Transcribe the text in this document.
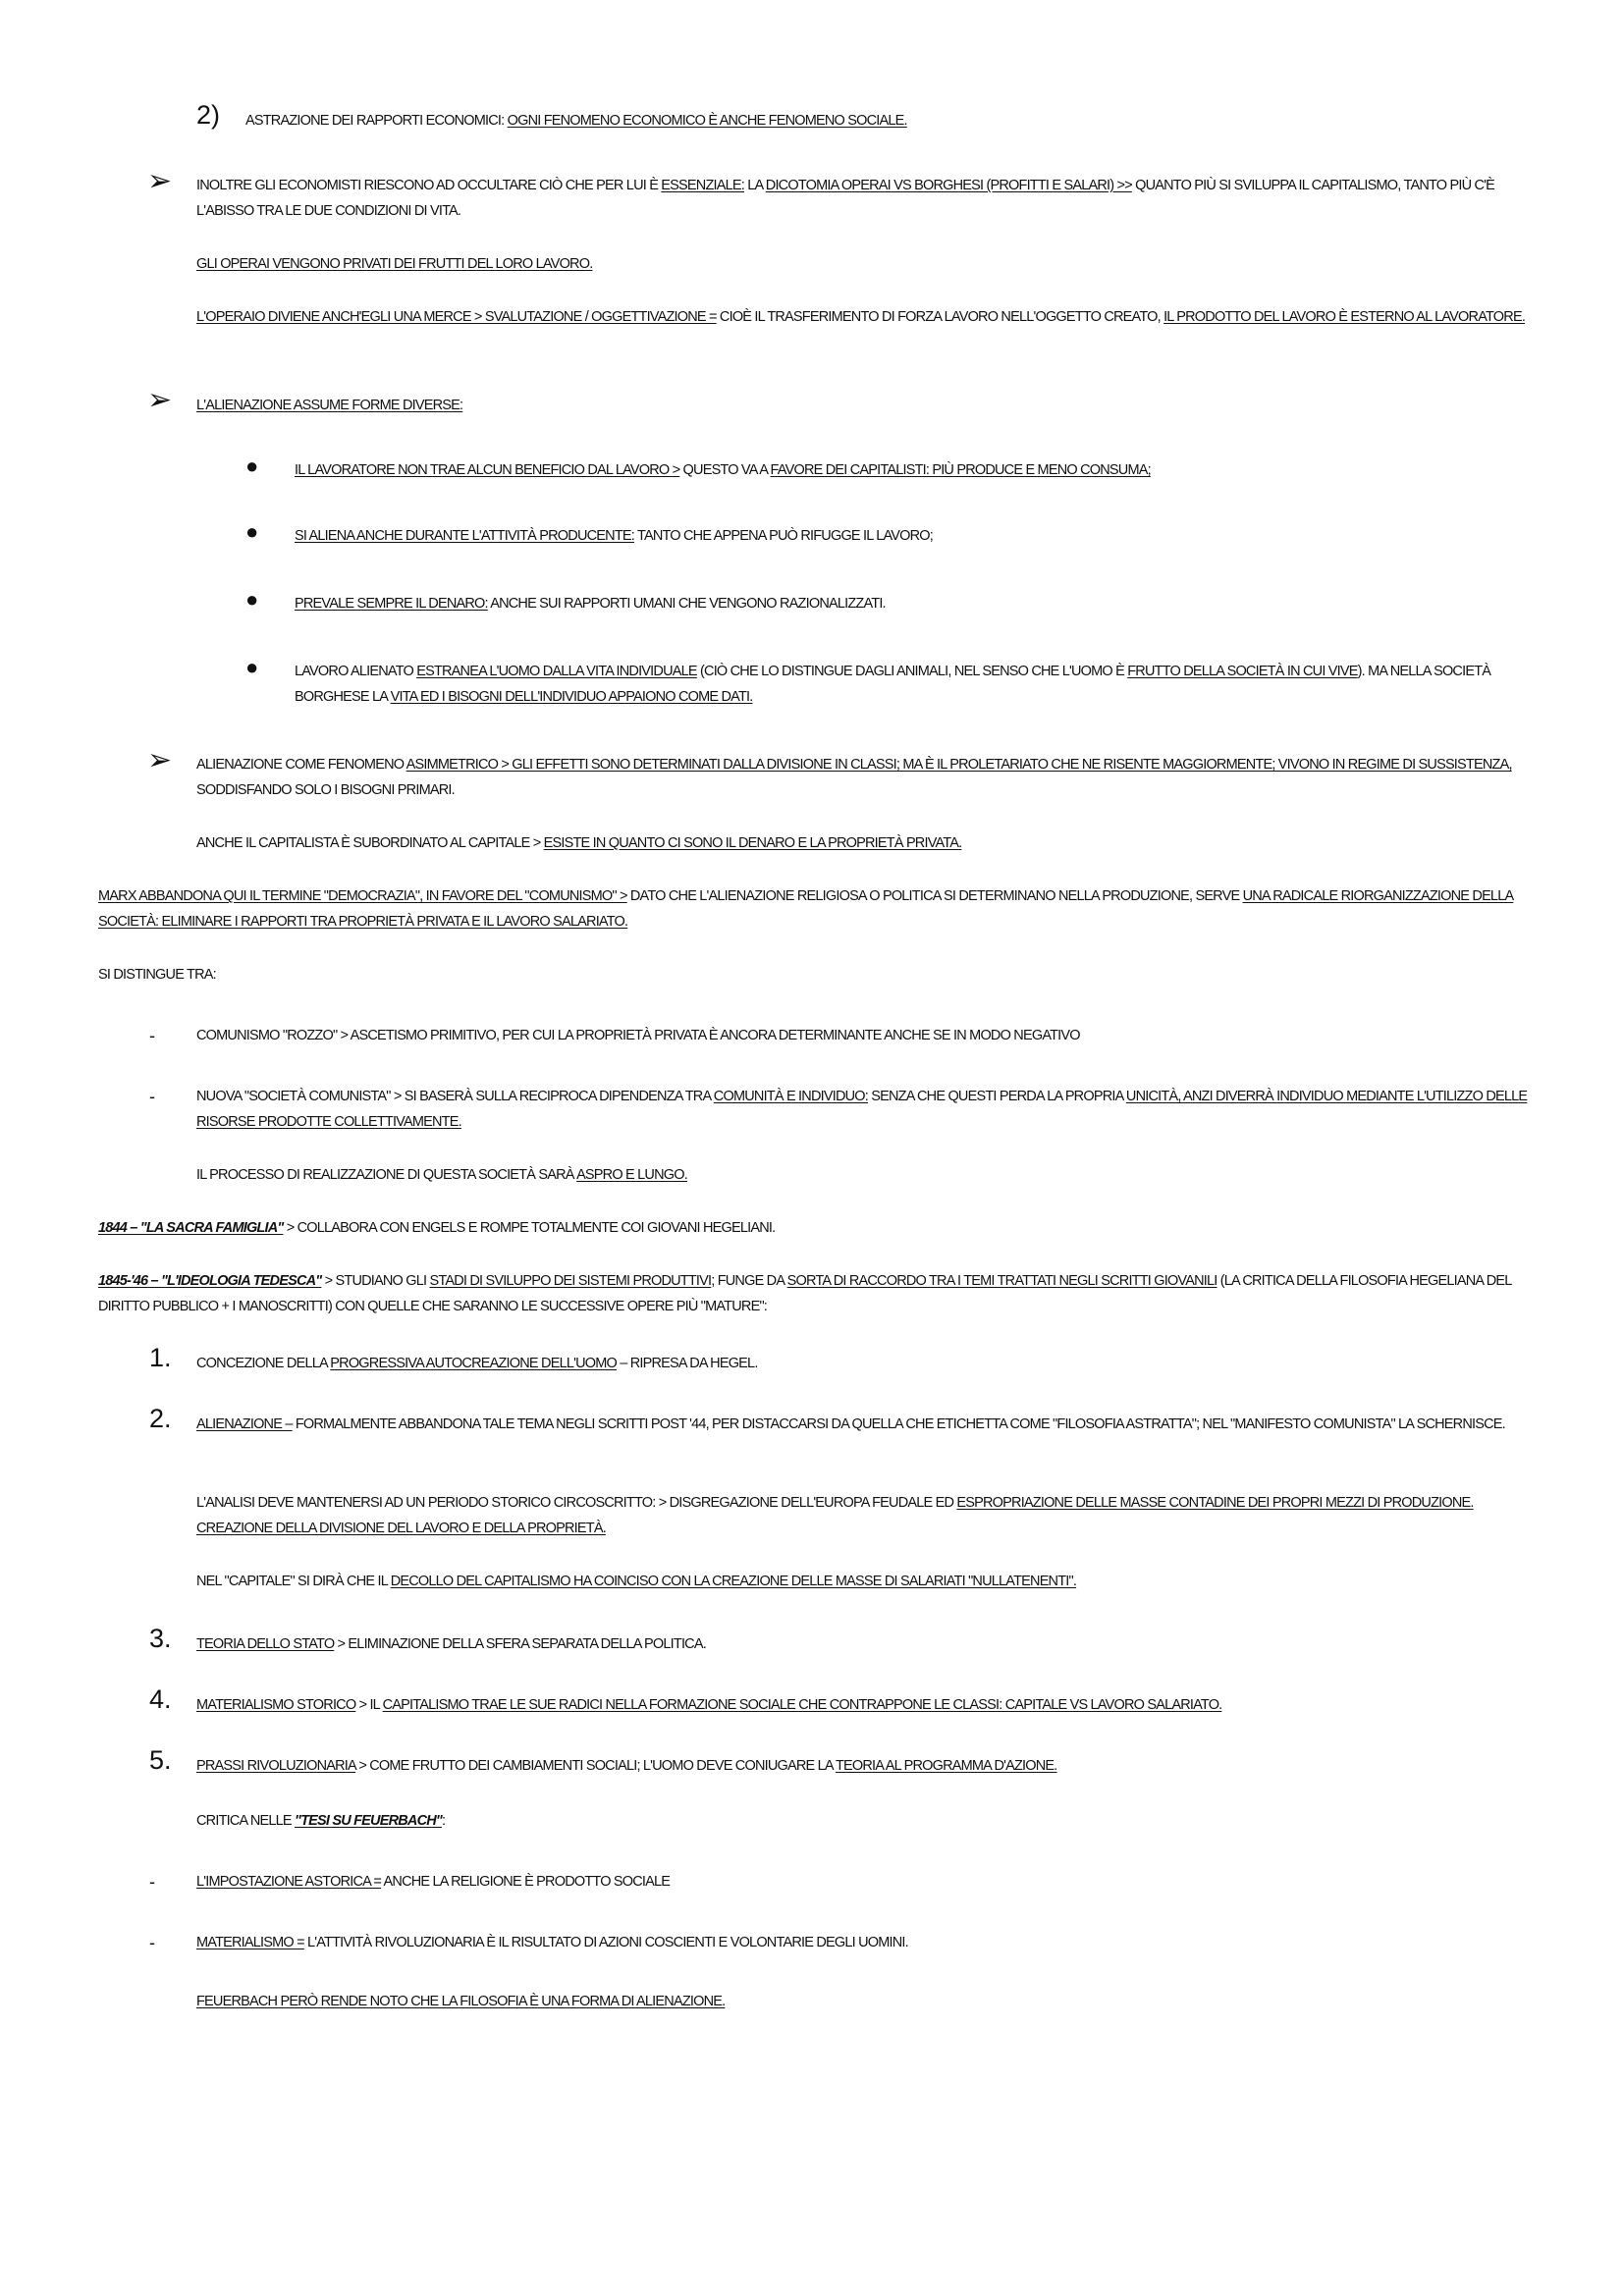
2) ASTRAZIONE DEI RAPPORTI ECONOMICI: OGNI FENOMENO ECONOMICO È ANCHE FENOMENO SOCIALE.

➢ INOLTRE GLI ECONOMISTI RIESCONO AD OCCULTARE CIÒ CHE PER LUI È ESSENZIALE: LA DICOTOMIA OPERAI VS BORGHESI (PROFITTI E SALARI) >> QUANTO PIÙ SI SVILUPPA IL CAPITALISMO, TANTO PIÙ C'È L'ABISSO TRA LE DUE CONDIZIONI DI VITA.

GLI OPERAI VENGONO PRIVATI DEI FRUTTI DEL LORO LAVORO.

L'OPERAIO DIVIENE ANCH'EGLI UNA MERCE > SVALUTAZIONE / OGGETTIVAZIONE = CIOÈ IL TRASFERIMENTO DI FORZA LAVORO NELL'OGGETTO CREATO, IL PRODOTTO DEL LAVORO È ESTERNO AL LAVORATORE.

➢ L'ALIENAZIONE ASSUME FORME DIVERSE:

●	IL LAVORATORE NON TRAE ALCUN BENEFICIO DAL LAVORO > QUESTO VA A FAVORE DEI CAPITALISTI: PIÙ PRODUCE E MENO CONSUMA;

●	SI ALIENA ANCHE DURANTE L'ATTIVITÀ PRODUCENTE: TANTO CHE APPENA PUÒ RIFUGGE IL LAVORO;

●	PREVALE SEMPRE IL DENARO: ANCHE SUI RAPPORTI UMANI CHE VENGONO RAZIONALIZZATI.

●	LAVORO ALIENATO ESTRANEA L'UOMO DALLA VITA INDIVIDUALE (CIÒ CHE LO DISTINGUE DAGLI ANIMALI, NEL SENSO CHE L'UOMO È FRUTTO DELLA SOCIETÀ IN CUI VIVE). MA NELLA SOCIETÀ BORGHESE LA VITA ED I BISOGNI DELL'INDIVIDUO APPAIONO COME DATI.

➢ ALIENAZIONE COME FENOMENO ASIMMETRICO > GLI EFFETTI SONO DETERMINATI DALLA DIVISIONE IN CLASSI; MA È IL PROLETARIATO CHE NE RISENTE MAGGIORMENTE; VIVONO IN REGIME DI SUSSISTENZA, SODDISFANDO SOLO I BISOGNI PRIMARI.

ANCHE IL CAPITALISTA È SUBORDINATO AL CAPITALE > ESISTE IN QUANTO CI SONO IL DENARO E LA PROPRIETÀ PRIVATA.

MARX ABBANDONA QUI IL TERMINE "DEMOCRAZIA", IN FAVORE DEL "COMUNISMO" > DATO CHE L'ALIENAZIONE RELIGIOSA O POLITICA SI DETERMINANO NELLA PRODUZIONE, SERVE UNA RADICALE RIORGANIZZAZIONE DELLA SOCIETÀ: ELIMINARE I RAPPORTI TRA PROPRIETÀ PRIVATA E IL LAVORO SALARIATO.

SI DISTINGUE TRA:

-	COMUNISMO "ROZZO" > ASCETISMO PRIMITIVO, PER CUI LA PROPRIETÀ PRIVATA È ANCORA DETERMINANTE ANCHE SE IN MODO NEGATIVO

-	NUOVA "SOCIETÀ COMUNISTA" > SI BASERÀ SULLA RECIPROCA DIPENDENZA TRA COMUNITÀ E INDIVIDUO: SENZA CHE QUESTI PERDA LA PROPRIA UNICITÀ, ANZI DIVERRÀ INDIVIDUO MEDIANTE L'UTILIZZO DELLE RISORSE PRODOTTE COLLETTIVAMENTE.

IL PROCESSO DI REALIZZAZIONE DI QUESTA SOCIETÀ SARÀ ASPRO E LUNGO.

1844 – "LA SACRA FAMIGLIA" > COLLABORA CON ENGELS E ROMPE TOTALMENTE COI GIOVANI HEGELIANI.

1845-'46 – "L'IDEOLOGIA TEDESCA" > STUDIANO GLI STADI DI SVILUPPO DEI SISTEMI PRODUTTIVI; FUNGE DA SORTA DI RACCORDO TRA I TEMI TRATTATI NEGLI SCRITTI GIOVANILI (LA CRITICA DELLA FILOSOFIA HEGELIANA DEL DIRITTO PUBBLICO + I MANOSCRITTI) CON QUELLE CHE SARANNO LE SUCCESSIVE OPERE PIÙ "MATURE":

1. CONCEZIONE DELLA PROGRESSIVA AUTOCREAZIONE DELL'UOMO – RIPRESA DA HEGEL.

2. ALIENAZIONE – FORMALMENTE ABBANDONA TALE TEMA NEGLI SCRITTI POST '44, PER DISTACCARSI DA QUELLA CHE ETICHETTA COME "FILOSOFIA ASTRATTA"; NEL "MANIFESTO COMUNISTA" LA SCHERNISCE.

L'ANALISI DEVE MANTENERSI AD UN PERIODO STORICO CIRCOSCRITTO: > DISGREGAZIONE DELL'EUROPA FEUDALE ED ESPROPRIAZIONE DELLE MASSE CONTADINE DEI PROPRI MEZZI DI PRODUZIONE. CREAZIONE DELLA DIVISIONE DEL LAVORO E DELLA PROPRIETÀ.

NEL "CAPITALE" SI DIRÀ CHE IL DECOLLO DEL CAPITALISMO HA COINCISO CON LA CREAZIONE DELLE MASSE DI SALARIATI "NULLATENENTI".

3. TEORIA DELLO STATO > ELIMINAZIONE DELLA SFERA SEPARATA DELLA POLITICA.

4. MATERIALISMO STORICO > IL CAPITALISMO TRAE LE SUE RADICI NELLA FORMAZIONE SOCIALE CHE CONTRAPPONE LE CLASSI: CAPITALE VS LAVORO SALARIATO.

5. PRASSI RIVOLUZIONARIA > COME FRUTTO DEI CAMBIAMENTI SOCIALI; L'UOMO DEVE CONIUGARE LA TEORIA AL PROGRAMMA D'AZIONE.

CRITICA NELLE "TESI SU FEUERBACH":

-	L'IMPOSTAZIONE ASTORICA = ANCHE LA RELIGIONE È PRODOTTO SOCIALE

-	MATERIALISMO = L'ATTIVITÀ RIVOLUZIONARIA È IL RISULTATO DI AZIONI COSCIENTI E VOLONTARIE DEGLI UOMINI.

FEUERBACH PERÒ RENDE NOTO CHE LA FILOSOFIA È UNA FORMA DI ALIENAZIONE.
